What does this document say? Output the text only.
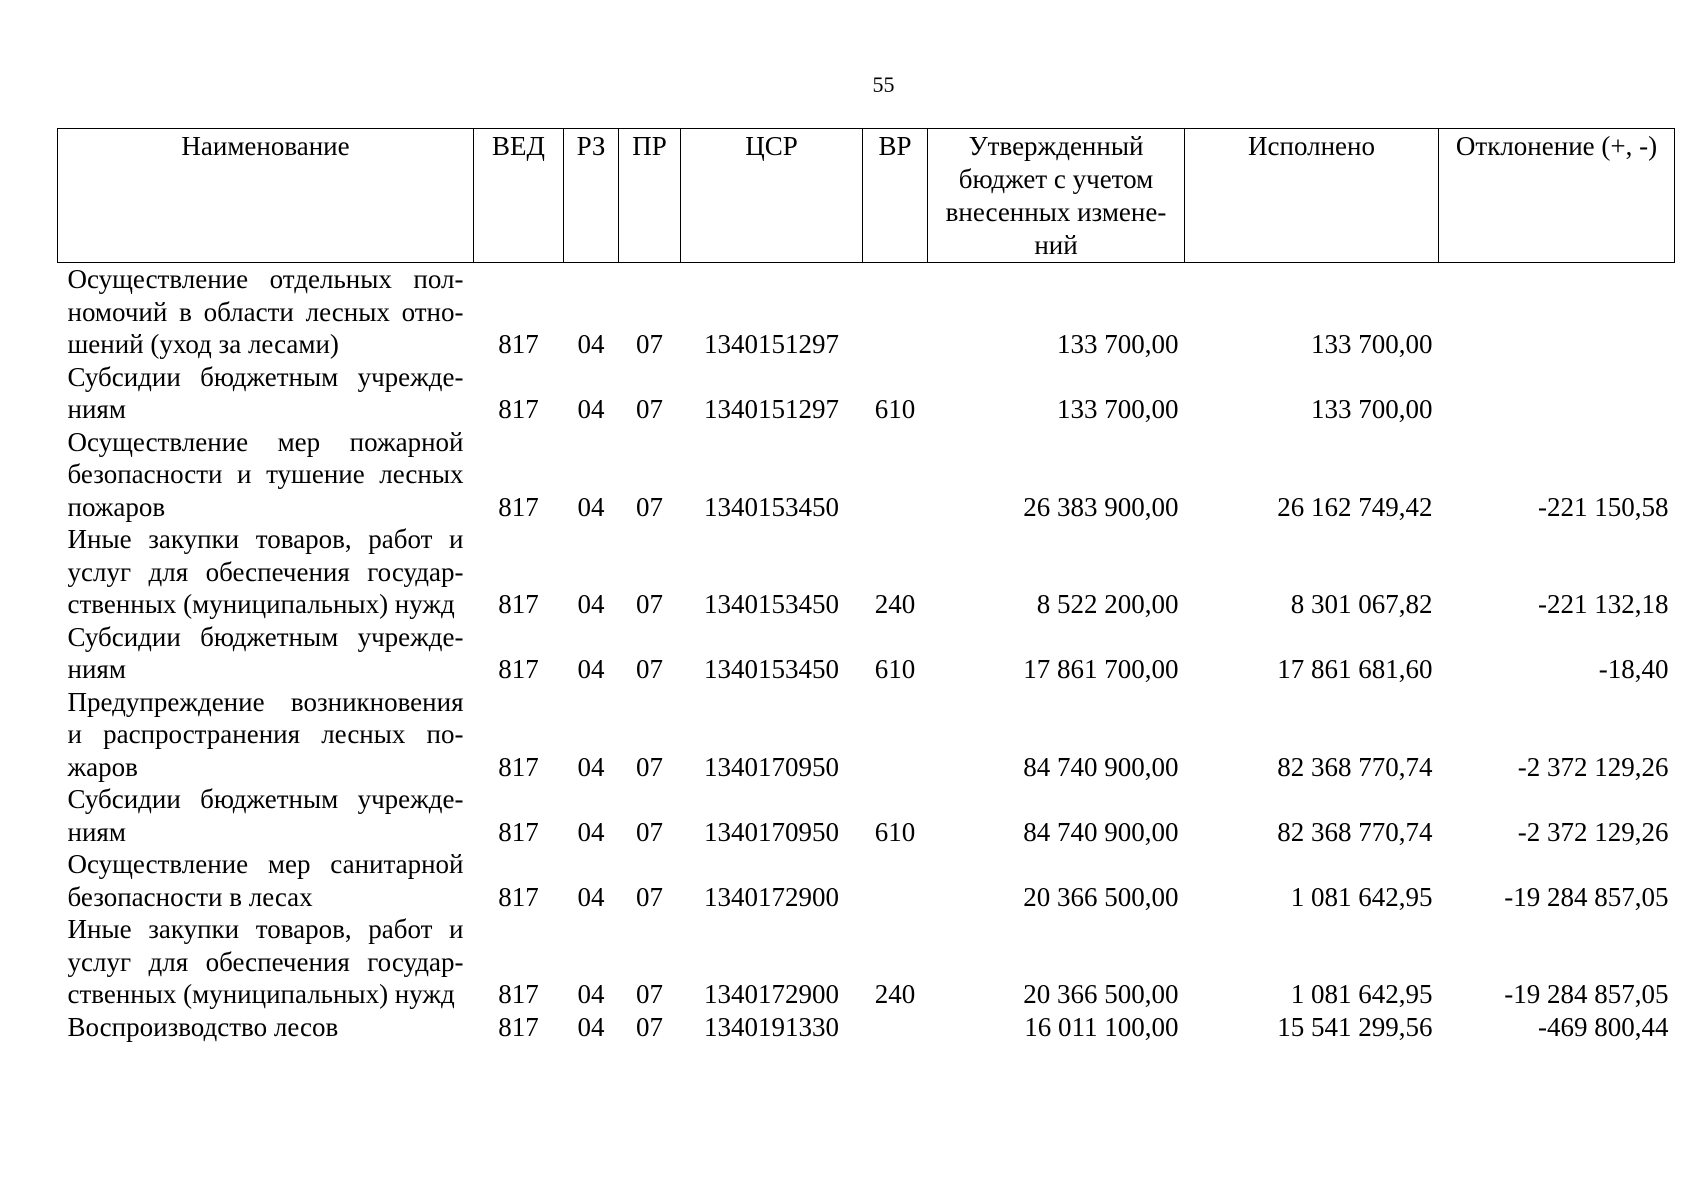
55
Наименование	ВЕД	РЗ	ПР	ЦСР	ВР	Утвержденный бюджет с учетом внесенных измене-ний	Исполнено	Отклонение (+, -)
Осуществление отдельных пол-номочий в области лесных отно-шений (уход за лесами)	817	04	07	1340151297		133 700,00	133 700,00	
Субсидии бюджетным учрежде-ниям	817	04	07	1340151297	610	133 700,00	133 700,00	
Осуществление мер пожарной безопасности и тушение лесных пожаров	817	04	07	1340153450		26 383 900,00	26 162 749,42	-221 150,58
Иные закупки товаров, работ и услуг для обеспечения государ-ственных (муниципальных) нужд	817	04	07	1340153450	240	8 522 200,00	8 301 067,82	-221 132,18
Субсидии бюджетным учрежде-ниям	817	04	07	1340153450	610	17 861 700,00	17 861 681,60	-18,40
Предупреждение возникновения и распространения лесных по-жаров	817	04	07	1340170950		84 740 900,00	82 368 770,74	-2 372 129,26
Субсидии бюджетным учрежде-ниям	817	04	07	1340170950	610	84 740 900,00	82 368 770,74	-2 372 129,26
Осуществление мер санитарной безопасности в лесах	817	04	07	1340172900		20 366 500,00	1 081 642,95	-19 284 857,05
Иные закупки товаров, работ и услуг для обеспечения государ-ственных (муниципальных) нужд	817	04	07	1340172900	240	20 366 500,00	1 081 642,95	-19 284 857,05
Воспроизводство лесов	817	04	07	1340191330		16 011 100,00	15 541 299,56	-469 800,44
